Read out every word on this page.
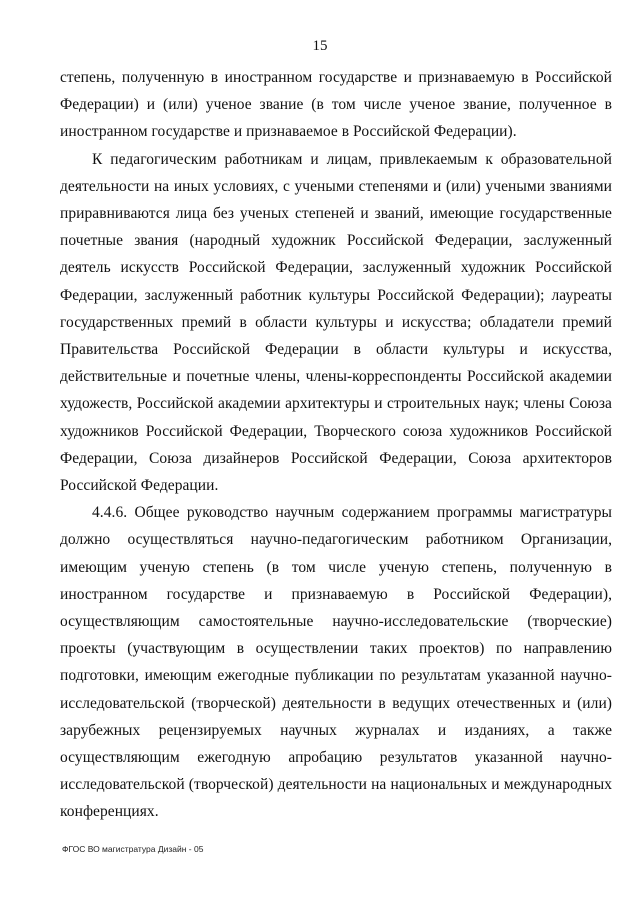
15

степень, полученную в иностранном государстве и признаваемую в Российской Федерации) и (или) ученое звание (в том числе ученое звание, полученное в иностранном государстве и признаваемое в Российской Федерации).

К педагогическим работникам и лицам, привлекаемым к образовательной деятельности на иных условиях, с учеными степенями и (или) учеными званиями приравниваются лица без ученых степеней и званий, имеющие государственные почетные звания (народный художник Российской Федерации, заслуженный деятель искусств Российской Федерации, заслуженный художник Российской Федерации, заслуженный работник культуры Российской Федерации); лауреаты государственных премий в области культуры и искусства; обладатели премий Правительства Российской Федерации в области культуры и искусства, действительные и почетные члены, члены-корреспонденты Российской академии художеств, Российской академии архитектуры и строительных наук; члены Союза художников Российской Федерации, Творческого союза художников Российской Федерации, Союза дизайнеров Российской Федерации, Союза архитекторов Российской Федерации.

4.4.6. Общее руководство научным содержанием программы магистратуры должно осуществляться научно-педагогическим работником Организации, имеющим ученую степень (в том числе ученую степень, полученную в иностранном государстве и признаваемую в Российской Федерации), осуществляющим самостоятельные научно-исследовательские (творческие) проекты (участвующим в осуществлении таких проектов) по направлению подготовки, имеющим ежегодные публикации по результатам указанной научно-исследовательской (творческой) деятельности в ведущих отечественных и (или) зарубежных рецензируемых научных журналах и изданиях, а также осуществляющим ежегодную апробацию результатов указанной научно-исследовательской (творческой) деятельности на национальных и международных конференциях.

ФГОС ВО магистратура Дизайн - 05
